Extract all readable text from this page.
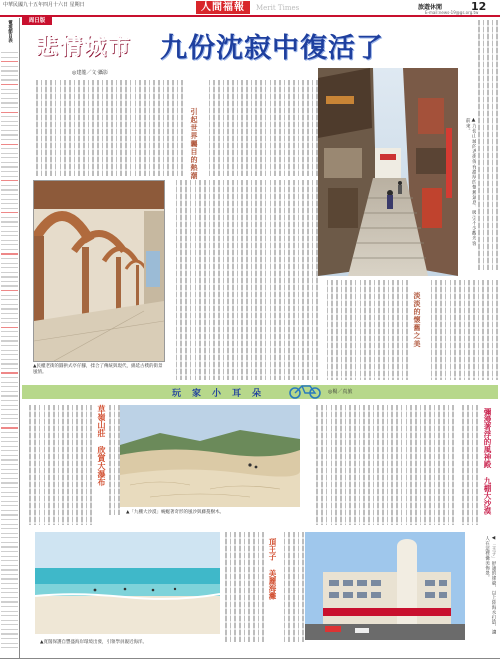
中華民國九十五年四月十六日 星期日	人間福報	Merit Times	旅遊休閒	12
E-mail:news-19@gs.org.tw
電視節目表	周日版
悲情城市 九份沈寂中復活了
◎建龍／文‧攝影
引起世界矚目的熱潮	▲九份山城的老街保有濃厚的懷舊氣息，吸引不少觀光客前來。
▲民權老街的圓拱式亭仔腳，揉合了傳統與現代，綿延古樸的街景風情。
淡淡的懷舊之美
玩　家　小　耳　朵	◎楊／真旅
草嶺山莊 欣賞大瀑布
▲「九棚大沙漠」蜿蜒著奇形的風沙與藤蔓樹木。	彌漫著浮的風神殿 九棚大沙漠
▲寬闊保護自豐盛海岸環境出發，引領學員親近海洋。
頂王子 美麗海灘	◀「王子」舒適的建築，以上陸海水打造，讓人在這裡優美佈景。
